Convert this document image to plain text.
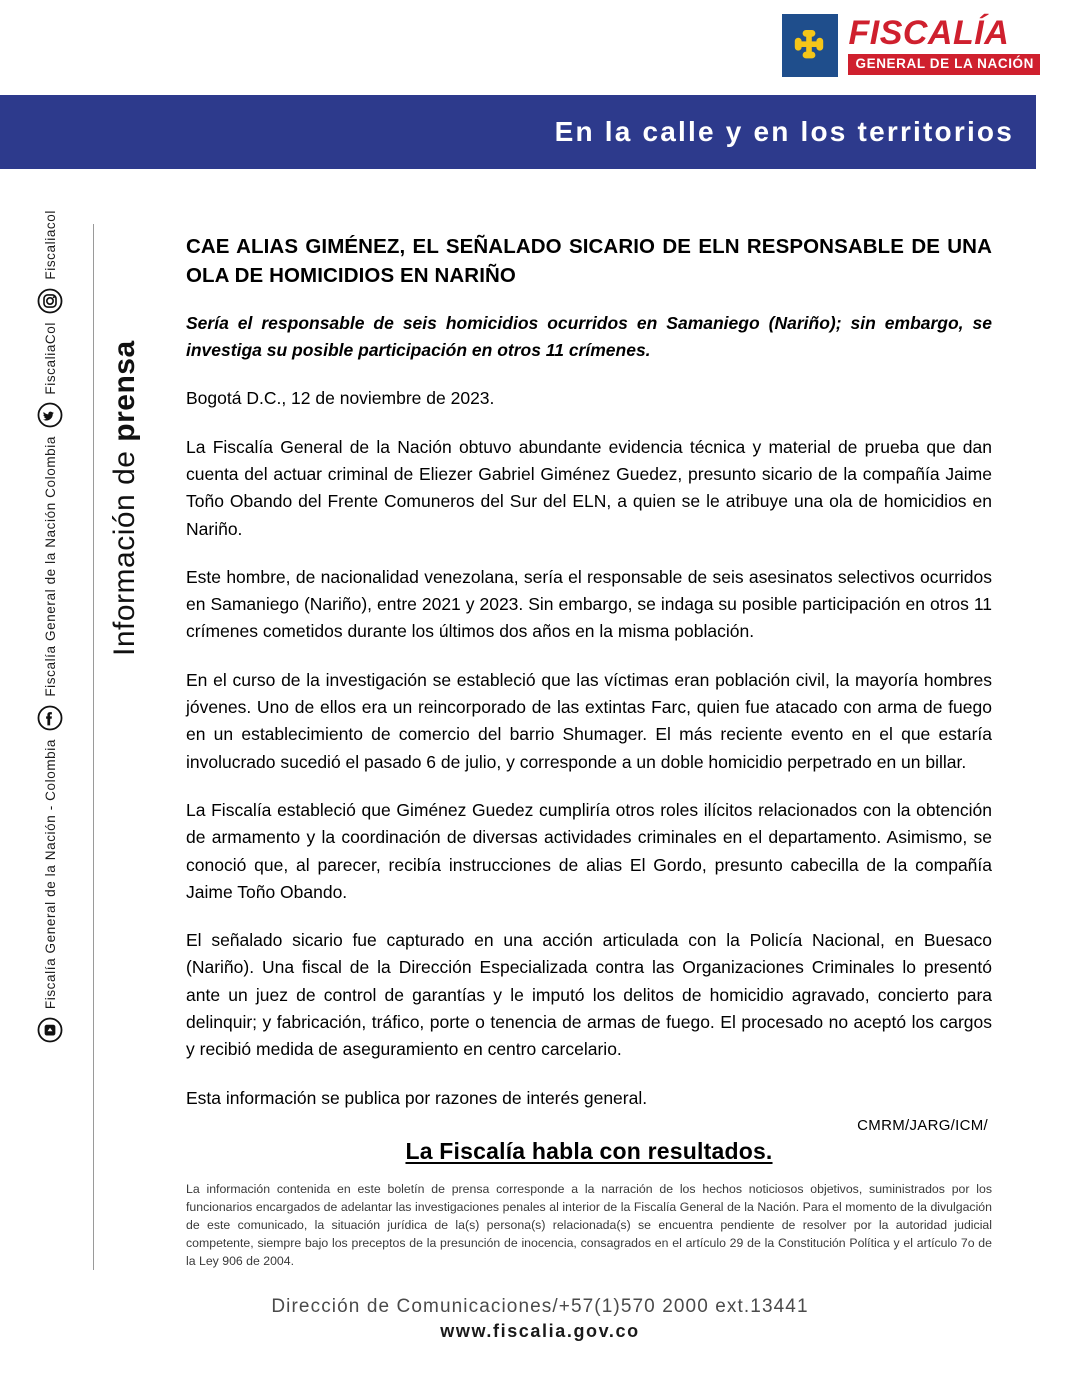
FISCALÍA
GENERAL DE LA NACIÓN
En la calle y en los territorios
Fiscaliacol
FiscaliaCol
Fiscalía General de la Nación Colombia
Fiscalía General de la Nación - Colombia
Información de prensa
CAE ALIAS GIMÉNEZ, EL SEÑALADO SICARIO DE ELN RESPONSABLE DE UNA OLA DE HOMICIDIOS EN NARIÑO

Sería el responsable de seis homicidios ocurridos en Samaniego (Nariño); sin embargo, se investiga su posible participación en otros 11 crímenes.

Bogotá D.C., 12 de noviembre de 2023.

La Fiscalía General de la Nación obtuvo abundante evidencia técnica y material de prueba que dan cuenta del actuar criminal de Eliezer Gabriel Giménez Guedez, presunto sicario de la compañía Jaime Toño Obando del Frente Comuneros del Sur del ELN, a quien se le atribuye una ola de homicidios en Nariño.

Este hombre, de nacionalidad venezolana, sería el responsable de seis asesinatos selectivos ocurridos en Samaniego (Nariño), entre 2021 y 2023. Sin embargo, se indaga su posible participación en otros 11 crímenes cometidos durante los últimos dos años en la misma población.

En el curso de la investigación se estableció que las víctimas eran población civil, la mayoría hombres jóvenes. Uno de ellos era un reincorporado de las extintas Farc, quien fue atacado con arma de fuego en un establecimiento de comercio del barrio Shumager. El más reciente evento en el que estaría involucrado sucedió el pasado 6 de julio, y corresponde a un doble homicidio perpetrado en un billar.

La Fiscalía estableció que Giménez Guedez cumpliría otros roles ilícitos relacionados con la obtención de armamento y la coordinación de diversas actividades criminales en el departamento. Asimismo, se conoció que, al parecer, recibía instrucciones de alias El Gordo, presunto cabecilla de la compañía Jaime Toño Obando.

El señalado sicario fue capturado en una acción articulada con la Policía Nacional, en Buesaco (Nariño). Una fiscal de la Dirección Especializada contra las Organizaciones Criminales lo presentó ante un juez de control de garantías y le imputó los delitos de homicidio agravado, concierto para delinquir; y fabricación, tráfico, porte o tenencia de armas de fuego. El procesado no aceptó los cargos y recibió medida de aseguramiento en centro carcelario.

Esta información se publica por razones de interés general.

CMRM/JARG/ICM/
La Fiscalía habla con resultados.

La información contenida en este boletín de prensa corresponde a la narración de los hechos noticiosos objetivos, suministrados por los funcionarios encargados de adelantar las investigaciones penales al interior de la Fiscalía General de la Nación. Para el momento de la divulgación de este comunicado, la situación jurídica de la(s) persona(s) relacionada(s) se encuentra pendiente de resolver por la autoridad judicial competente, siempre bajo los preceptos de la presunción de inocencia, consagrados en el artículo 29 de la Constitución Política y el artículo 7o de la Ley 906 de 2004.

Dirección de Comunicaciones/+57(1)570 2000 ext.13441
www.fiscalia.gov.co
